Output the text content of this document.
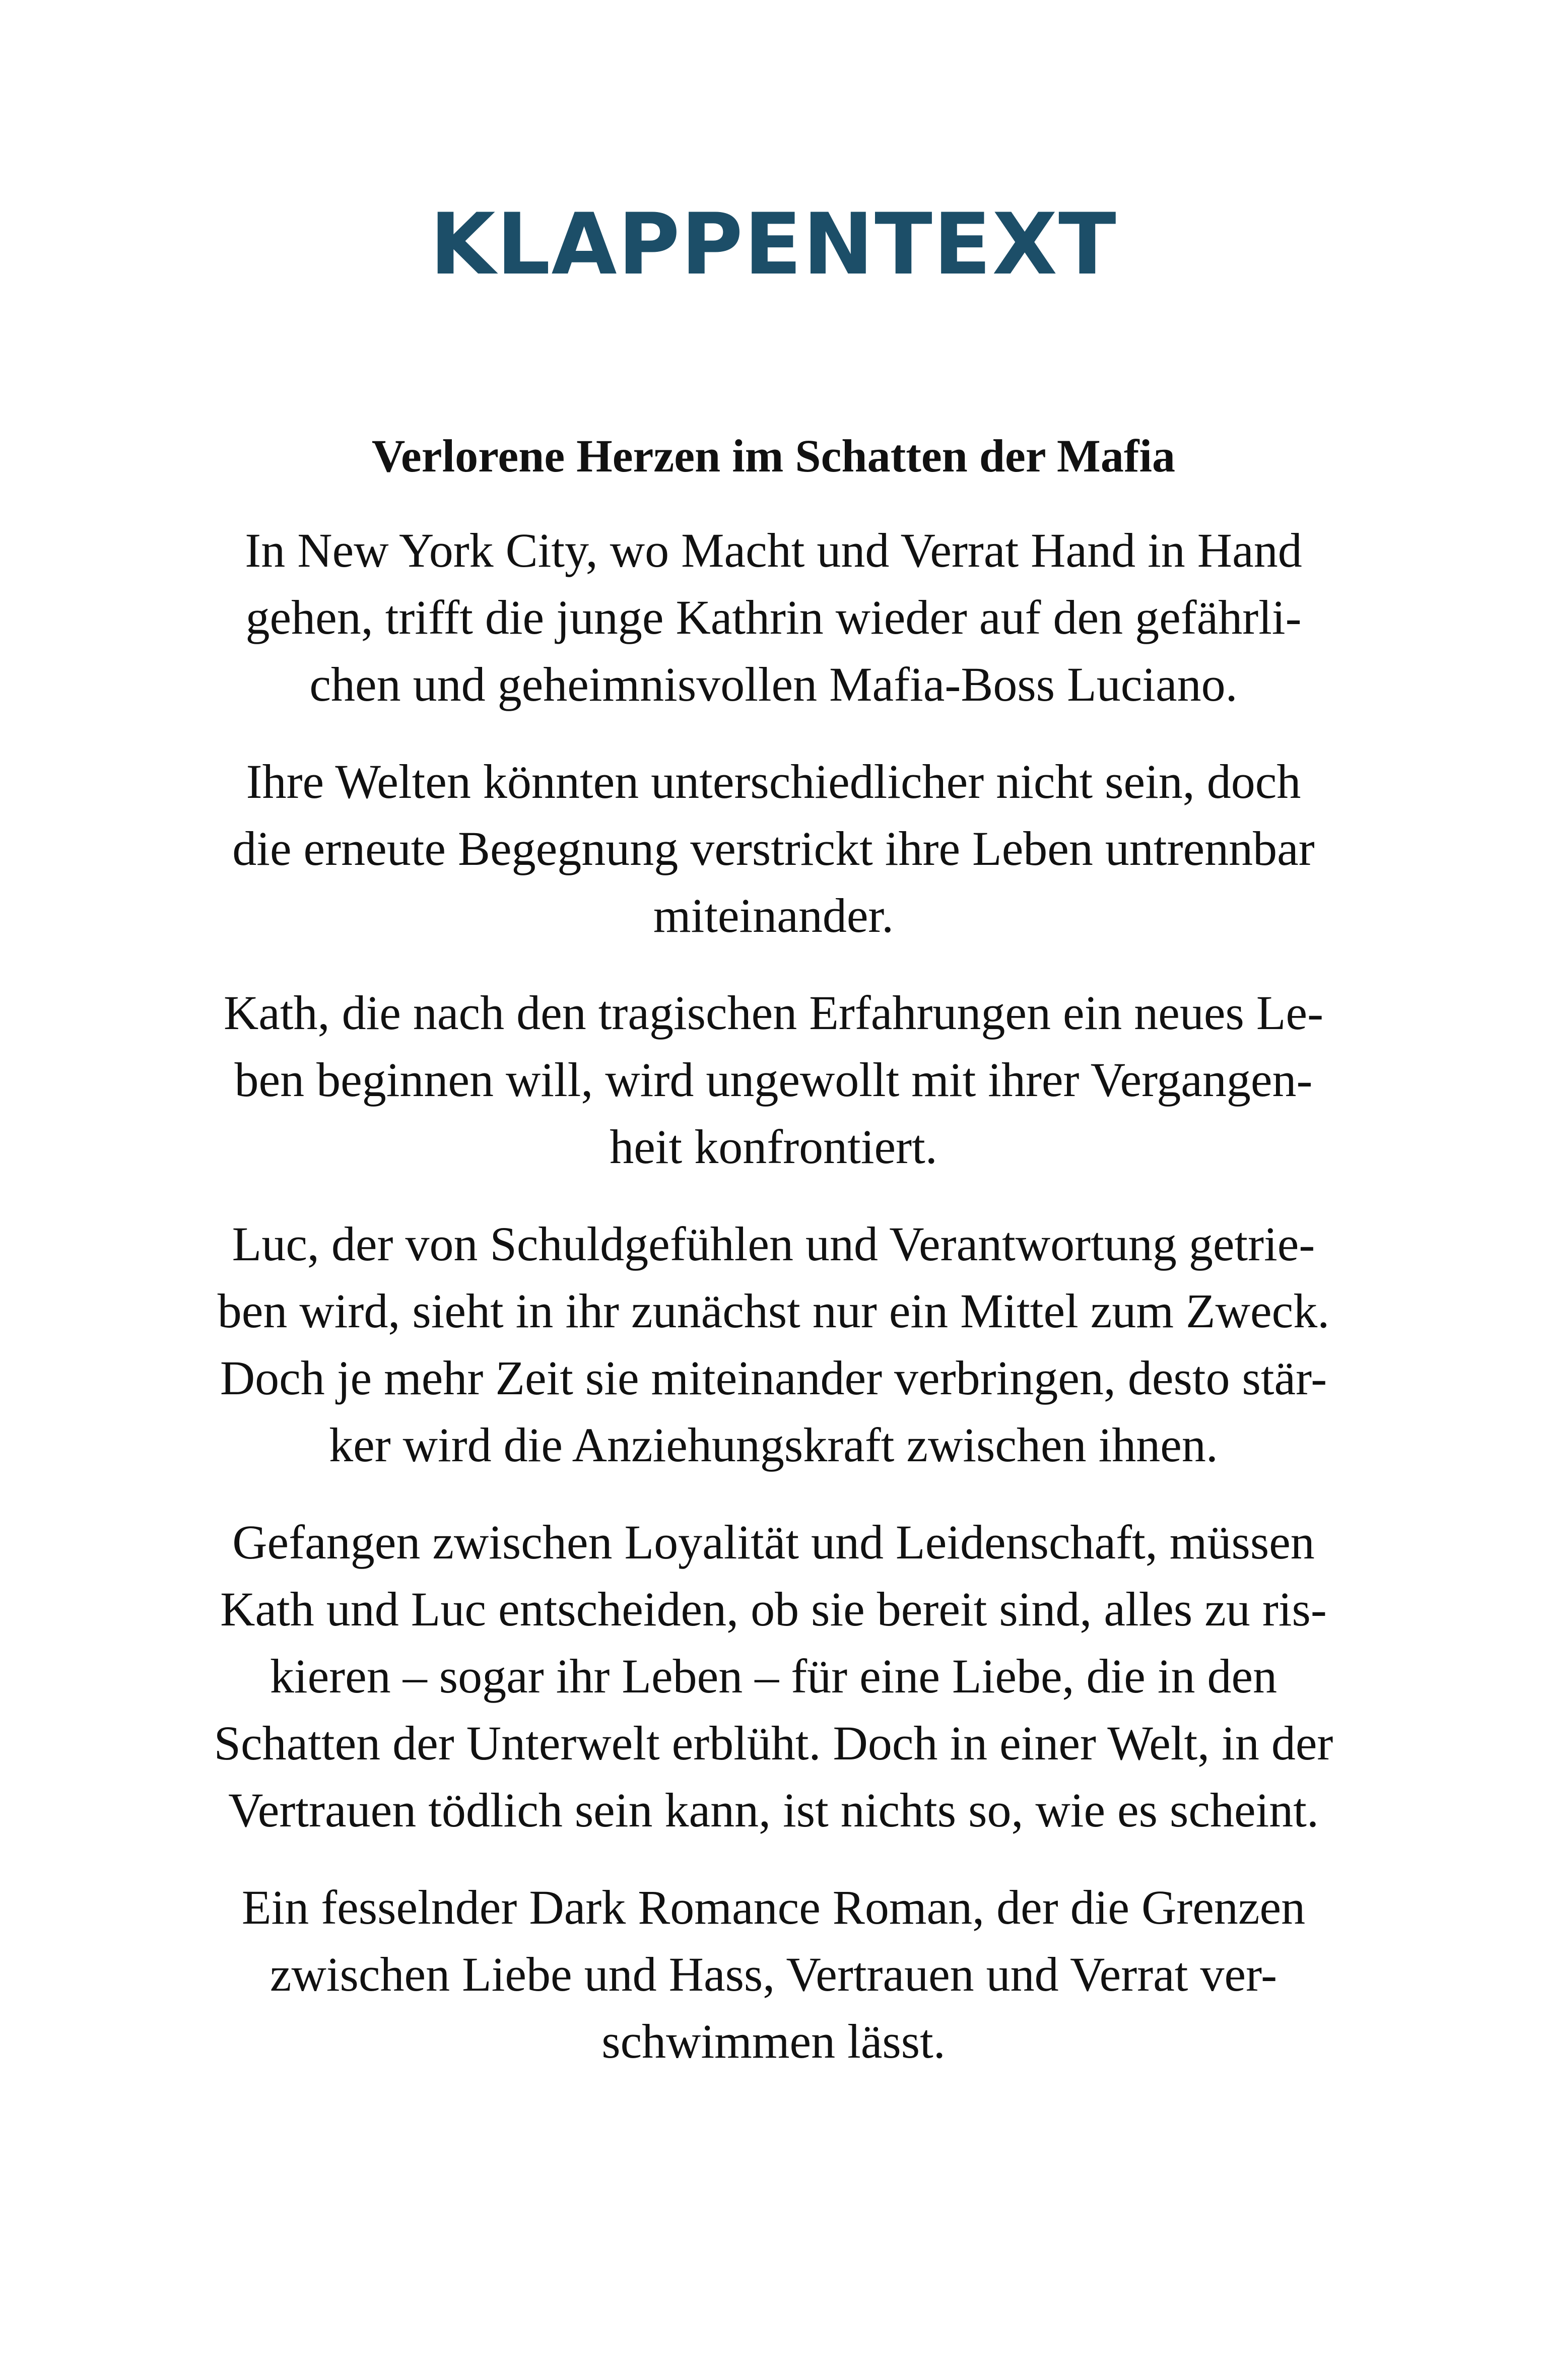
KLAPPENTEXT

Verlorene Herzen im Schatten der Mafia

In New York City, wo Macht und Verrat Hand in Hand
gehen, trifft die junge Kathrin wieder auf den gefährli-
chen und geheimnisvollen Mafia-Boss Luciano.

Ihre Welten könnten unterschiedlicher nicht sein, doch
die erneute Begegnung verstrickt ihre Leben untrennbar
miteinander.

Kath, die nach den tragischen Erfahrungen ein neues Le-
ben beginnen will, wird ungewollt mit ihrer Vergangen-
heit konfrontiert.

Luc, der von Schuldgefühlen und Verantwortung getrie-
ben wird, sieht in ihr zunächst nur ein Mittel zum Zweck.
Doch je mehr Zeit sie miteinander verbringen, desto stär-
ker wird die Anziehungskraft zwischen ihnen.

Gefangen zwischen Loyalität und Leidenschaft, müssen
Kath und Luc entscheiden, ob sie bereit sind, alles zu ris-
kieren – sogar ihr Leben – für eine Liebe, die in den
Schatten der Unterwelt erblüht. Doch in einer Welt, in der
Vertrauen tödlich sein kann, ist nichts so, wie es scheint.

Ein fesselnder Dark Romance Roman, der die Grenzen
zwischen Liebe und Hass, Vertrauen und Verrat ver-
schwimmen lässt.
